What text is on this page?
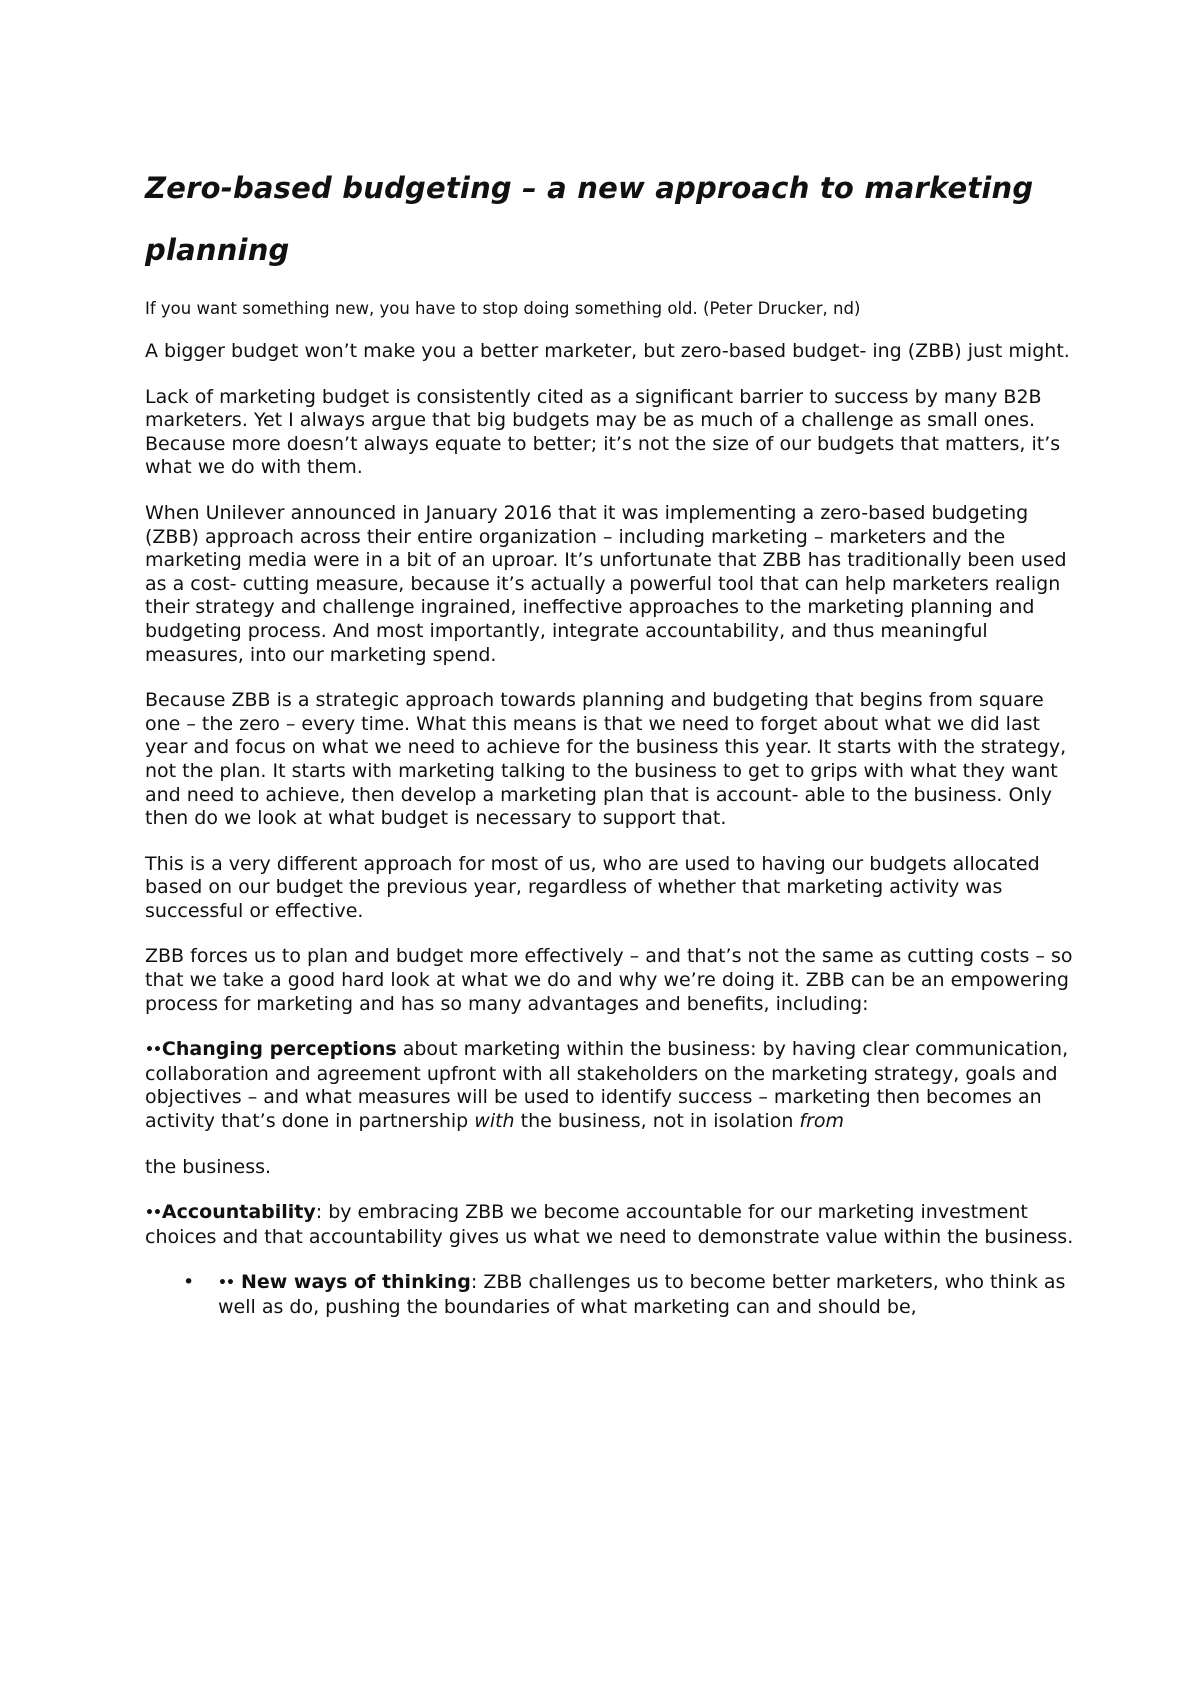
Zero-based budgeting – a new approach to marketing
planning

If you want something new, you have to stop doing something old. (Peter Drucker, nd)

A bigger budget won’t make you a better marketer, but zero-based budget- ing (ZBB) just might.

Lack of marketing budget is consistently cited as a significant barrier to success by many B2B marketers. Yet I always argue that big budgets may be as much of a challenge as small ones. Because more doesn’t always equate to better; it’s not the size of our budgets that matters, it’s what we do with them.

When Unilever announced in January 2016 that it was implementing a zero-based budgeting (ZBB) approach across their entire organization – including marketing – marketers and the marketing media were in a bit of an uproar. It’s unfortunate that ZBB has traditionally been used as a cost- cutting measure, because it’s actually a powerful tool that can help marketers realign their strategy and challenge ingrained, ineffective approaches to the marketing planning and budgeting process. And most importantly, integrate accountability, and thus meaningful measures, into our marketing spend.

Because ZBB is a strategic approach towards planning and budgeting that begins from square one – the zero – every time. What this means is that we need to forget about what we did last year and focus on what we need to achieve for the business this year. It starts with the strategy, not the plan. It starts with marketing talking to the business to get to grips with what they want and need to achieve, then develop a marketing plan that is account- able to the business. Only then do we look at what budget is necessary to support that.

This is a very different approach for most of us, who are used to having our budgets allocated based on our budget the previous year, regardless of whether that marketing activity was successful or effective.

ZBB forces us to plan and budget more effectively – and that’s not the same as cutting costs – so that we take a good hard look at what we do and why we’re doing it. ZBB can be an empowering process for marketing and has so many advantages and benefits, including:

••Changing perceptions about marketing within the business: by having clear communication, collaboration and agreement upfront with all stakeholders on the marketing strategy, goals and objectives – and what measures will be used to identify success – marketing then becomes an activity that’s done in partnership with the business, not in isolation from

the business.

••Accountability: by embracing ZBB we become accountable for our marketing investment choices and that accountability gives us what we need to demonstrate value within the business.

• •• New ways of thinking: ZBB challenges us to become better marketers, who think as well as do, pushing the boundaries of what marketing can and should be,
